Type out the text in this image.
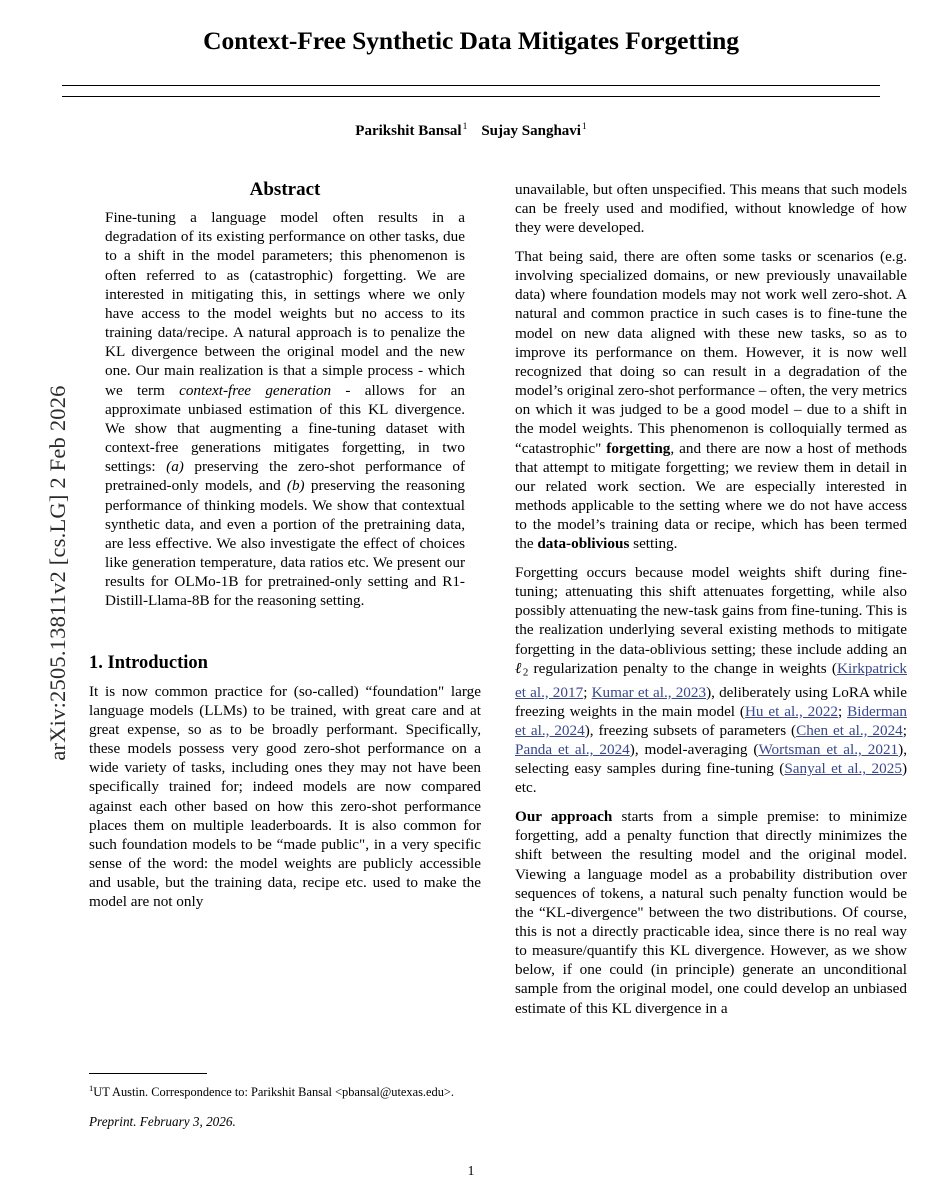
arXiv:2505.13811v2 [cs.LG] 2 Feb 2026
Context-Free Synthetic Data Mitigates Forgetting
Parikshit Bansal$^1$ Sujay Sanghavi$^1$
Abstract

Fine-tuning a language model often results in a degradation of its existing performance on other tasks, due to a shift in the model parameters; this phenomenon is often referred to as (catastrophic) forgetting. We are interested in mitigating this, in settings where we only have access to the model weights but no access to its training data/recipe. A natural approach is to penalize the KL divergence between the original model and the new one. Our main realization is that a simple process - which we term context-free generation - allows for an approximate unbiased estimation of this KL divergence. We show that augmenting a fine-tuning dataset with context-free generations mitigates forgetting, in two settings: (a) preserving the zero-shot performance of pretrained-only models, and (b) preserving the reasoning performance of thinking models. We show that contextual synthetic data, and even a portion of the pretraining data, are less effective. We also investigate the effect of choices like generation temperature, data ratios etc. We present our results for OLMo-1B for pretrained-only setting and R1-Distill-Llama-8B for the reasoning setting.

1. Introduction

It is now common practice for (so-called) “foundation" large language models (LLMs) to be trained, with great care and at great expense, so as to be broadly performant. Specifically, these models possess very good zero-shot performance on a wide variety of tasks, including ones they may not have been specifically trained for; indeed models are now compared against each other based on how this zero-shot performance places them on multiple leaderboards. It is also common for such foundation models to be “made public", in a very specific sense of the word: the model weights are publicly accessible and usable, but the training data, recipe etc. used to make the model are not only

unavailable, but often unspecified. This means that such models can be freely used and modified, without knowledge of how they were developed.

That being said, there are often some tasks or scenarios (e.g. involving specialized domains, or new previously unavailable data) where foundation models may not work well zero-shot. A natural and common practice in such cases is to fine-tune the model on new data aligned with these new tasks, so as to improve its performance on them. However, it is now well recognized that doing so can result in a degradation of the model’s original zero-shot performance – often, the very metrics on which it was judged to be a good model – due to a shift in the model weights. This phenomenon is colloquially termed as “catastrophic" forgetting, and there are now a host of methods that attempt to mitigate forgetting; we review them in detail in our related work section. We are especially interested in methods applicable to the setting where we do not have access to the model’s training data or recipe, which has been termed the data-oblivious setting.

Forgetting occurs because model weights shift during fine-tuning; attenuating this shift attenuates forgetting, while also possibly attenuating the new-task gains from fine-tuning. This is the realization underlying several existing methods to mitigate forgetting in the data-oblivious setting; these include adding an ℓ$_2$ regularization penalty to the change in weights (Kirkpatrick et al., 2017; Kumar et al., 2023), deliberately using LoRA while freezing weights in the main model (Hu et al., 2022; Biderman et al., 2024), freezing subsets of parameters (Chen et al., 2024; Panda et al., 2024), model-averaging (Wortsman et al., 2021), selecting easy samples during fine-tuning (Sanyal et al., 2025) etc.

Our approach starts from a simple premise: to minimize forgetting, add a penalty function that directly minimizes the shift between the resulting model and the original model. Viewing a language model as a probability distribution over sequences of tokens, a natural such penalty function would be the “KL-divergence" between the two distributions. Of course, this is not a directly practicable idea, since there is no real way to measure/quantify this KL divergence. However, as we show below, if one could (in principle) generate an unconditional sample from the original model, one could develop an unbiased estimate of this KL divergence in a

$^1$UT Austin. Correspondence to: Parikshit Bansal <pbansal@utexas.edu>.
Preprint. February 3, 2026.
1
